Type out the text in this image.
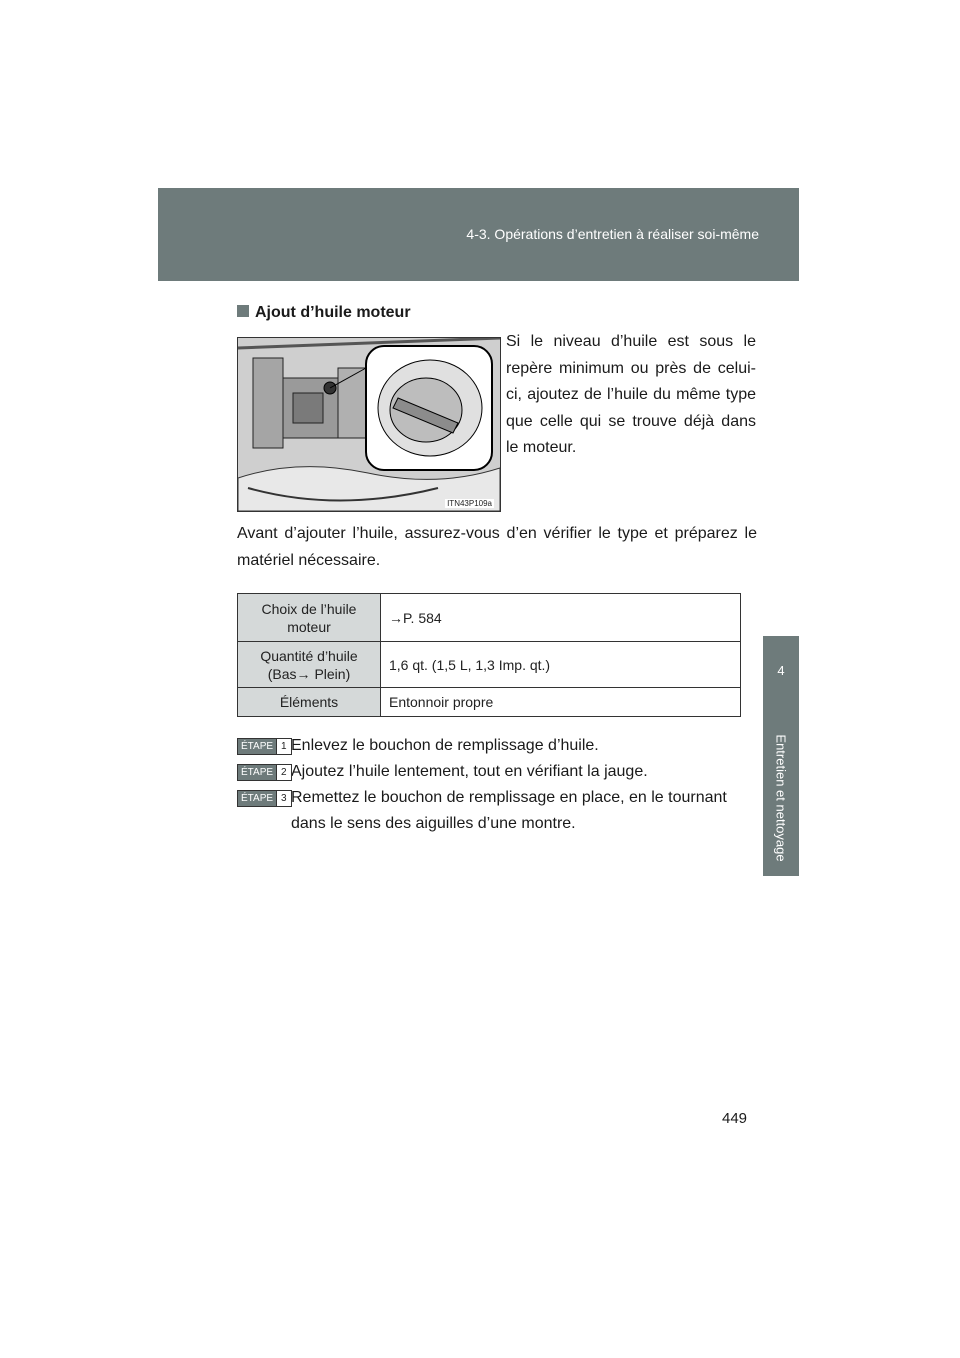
4-3. Opérations d’entretien à réaliser soi-même
4
Entretien et nettoyage
Ajout d’huile moteur
ITN43P109a
Si le niveau d’huile est sous le repère minimum ou près de celui-ci, ajoutez de l’huile du même type que celle qui se trouve déjà dans le moteur.
Avant d’ajouter l’huile, assurez-vous d’en vérifier le type et préparez le matériel nécessaire.
Choix de l’huile moteur	→P. 584
Quantité d’huile (Bas→ Plein)	1,6 qt. (1,5 L, 1,3 Imp. qt.)
Éléments	Entonnoir propre
ÉTAPE 1 Enlevez le bouchon de remplissage d’huile.
ÉTAPE 2 Ajoutez l’huile lentement, tout en vérifiant la jauge.
ÉTAPE 3 Remettez le bouchon de remplissage en place, en le tournant dans le sens des aiguilles d’une montre.
449
